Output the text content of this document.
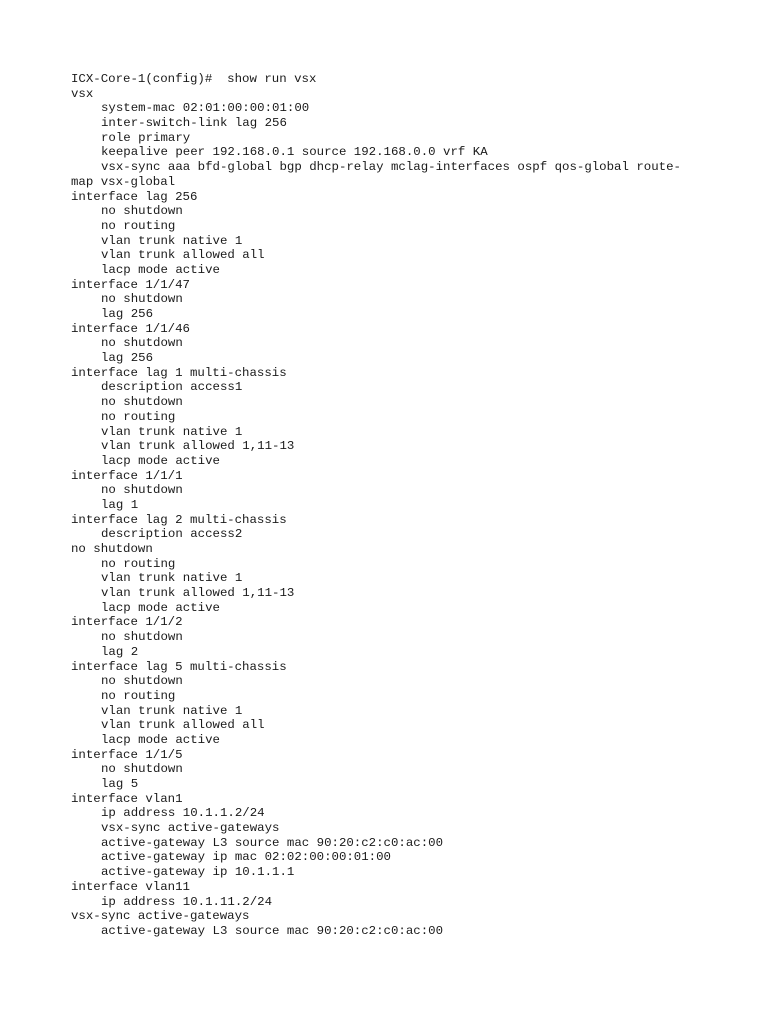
ICX-Core-1(config)#  show run vsx
vsx
system-mac 02:01:00:00:01:00
inter-switch-link lag 256
role primary
keepalive peer 192.168.0.1 source 192.168.0.0 vrf KA
vsx-sync aaa bfd-global bgp dhcp-relay mclag-interfaces ospf qos-global route-
map vsx-global
interface lag 256
no shutdown
no routing
vlan trunk native 1
vlan trunk allowed all
lacp mode active
interface 1/1/47
no shutdown
lag 256
interface 1/1/46
no shutdown
lag 256
interface lag 1 multi-chassis
description access1
no shutdown
no routing
vlan trunk native 1
vlan trunk allowed 1,11-13
lacp mode active
interface 1/1/1
no shutdown
lag 1
interface lag 2 multi-chassis
description access2
no shutdown
no routing
vlan trunk native 1
vlan trunk allowed 1,11-13
lacp mode active
interface 1/1/2
no shutdown
lag 2
interface lag 5 multi-chassis
no shutdown
no routing
vlan trunk native 1
vlan trunk allowed all
lacp mode active
interface 1/1/5
no shutdown
lag 5
interface vlan1
ip address 10.1.1.2/24
vsx-sync active-gateways
active-gateway L3 source mac 90:20:c2:c0:ac:00
active-gateway ip mac 02:02:00:00:01:00
active-gateway ip 10.1.1.1
interface vlan11
ip address 10.1.11.2/24
vsx-sync active-gateways
active-gateway L3 source mac 90:20:c2:c0:ac:00
